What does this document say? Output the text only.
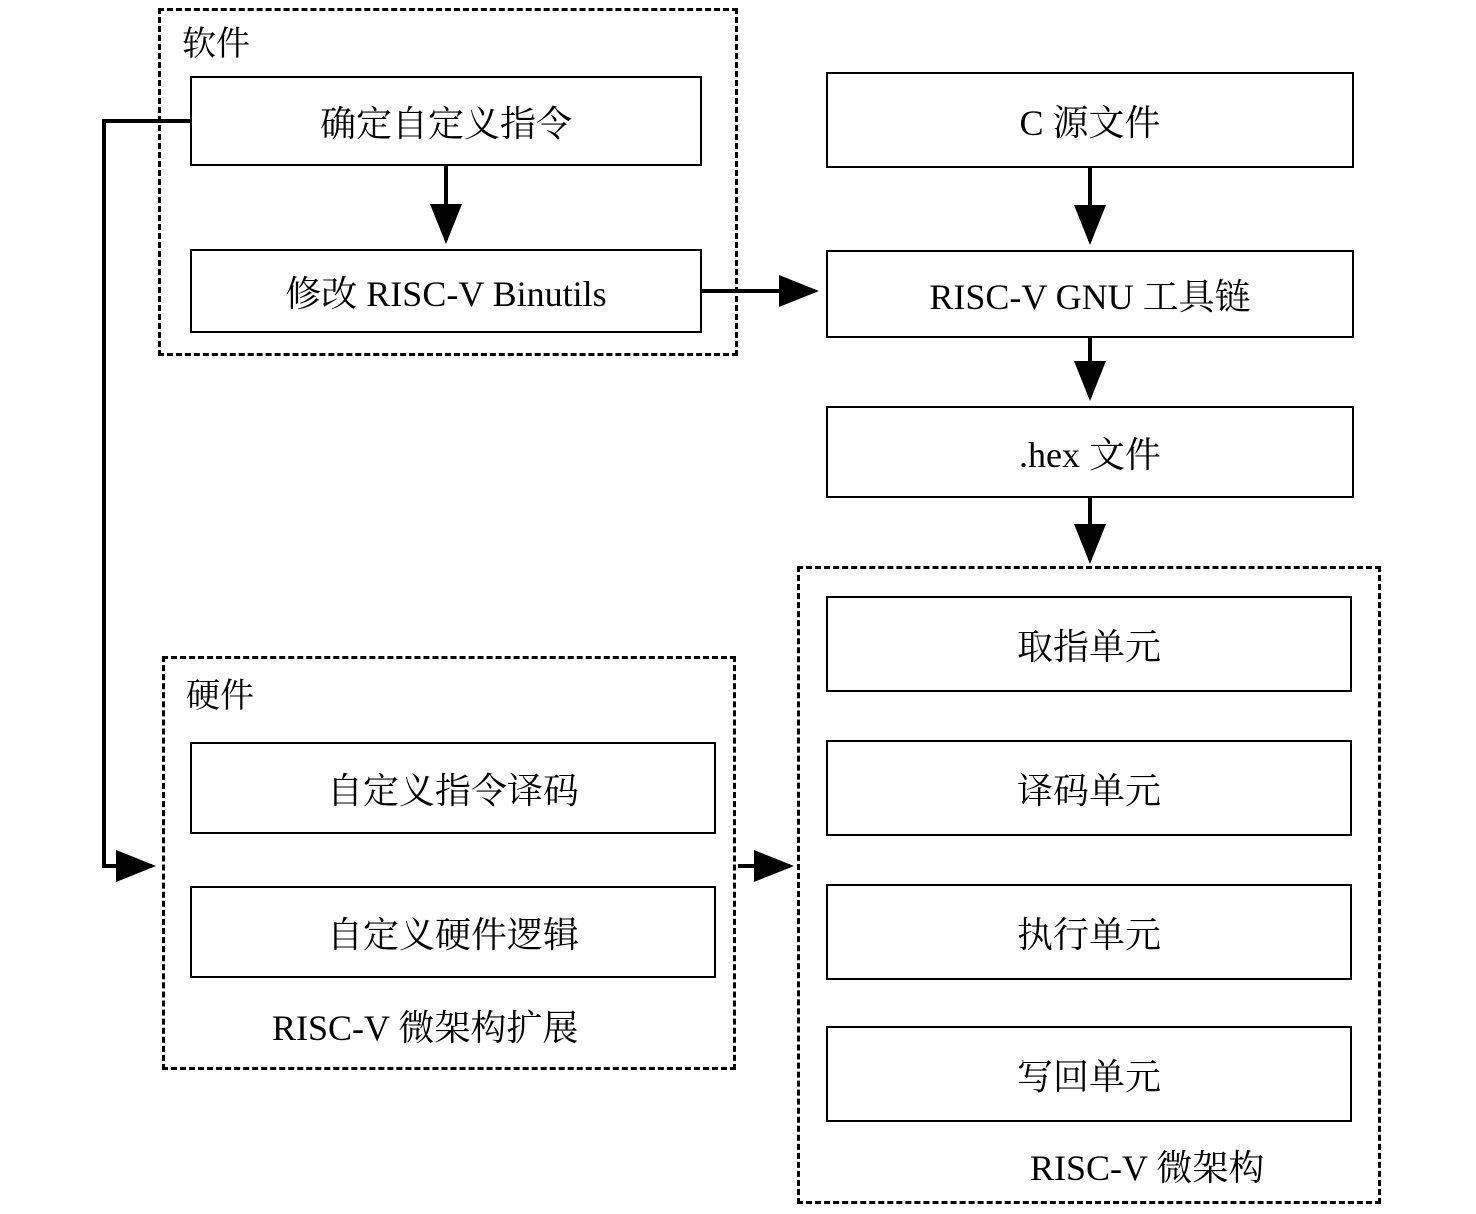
软件
硬件
RISC-V 微架构扩展
RISC-V 微架构
确定自定义指令
修改 RISC-V Binutils
C 源文件
RISC-V GNU 工具链
.hex 文件
取指单元
译码单元
执行单元
写回单元
自定义指令译码
自定义硬件逻辑
